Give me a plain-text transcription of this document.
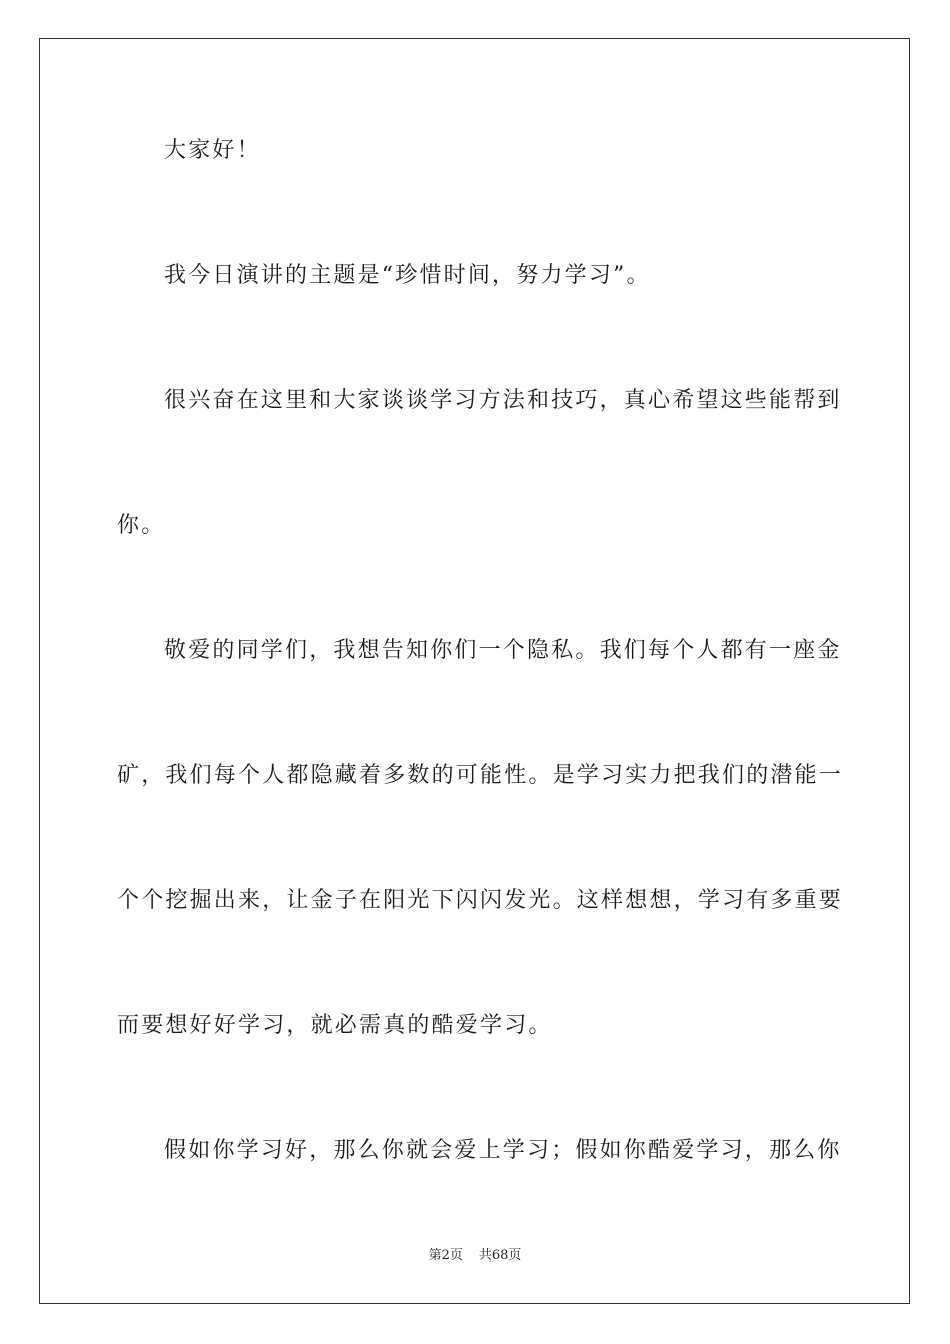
大家好！
我今日演讲的主题是“珍惜时间，努力学习”。
很兴奋在这里和大家谈谈学习方法和技巧，真心希望这些能帮到
你。
敬爱的同学们，我想告知你们一个隐私。我们每个人都有一座金
矿，我们每个人都隐藏着多数的可能性。是学习实力把我们的潜能一
个个挖掘出来，让金子在阳光下闪闪发光。这样想想，学习有多重要
而要想好好学习，就必需真的酷爱学习。
假如你学习好，那么你就会爱上学习；假如你酷爱学习，那么你
第2页 共68页
